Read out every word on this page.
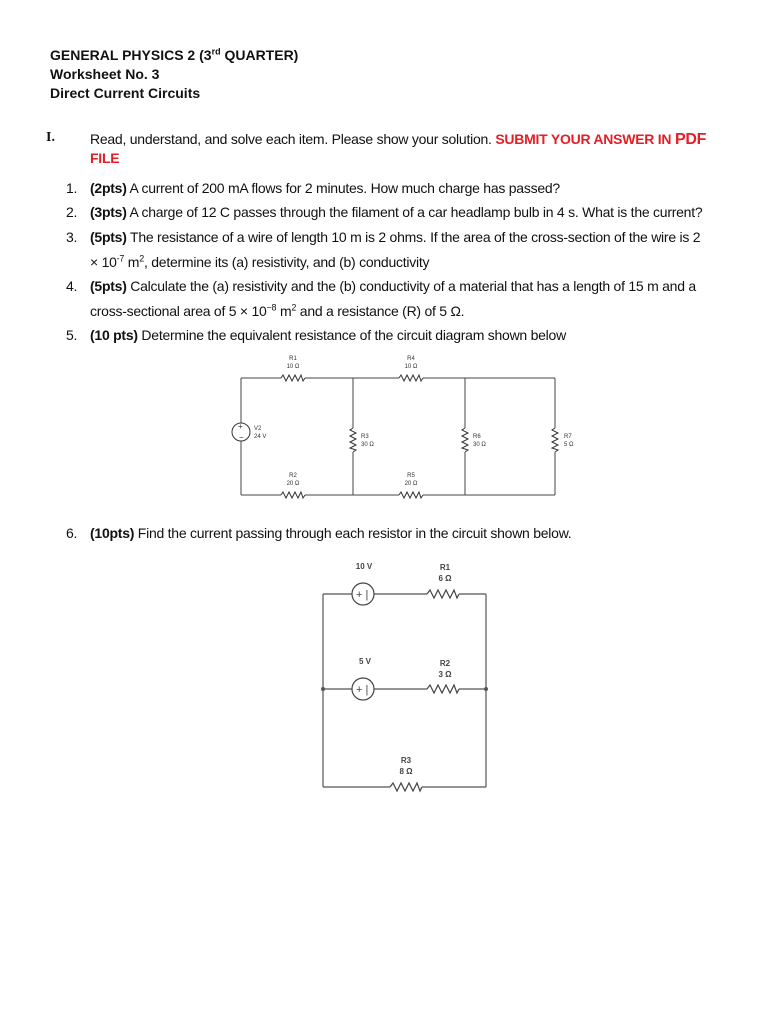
GENERAL PHYSICS 2 (3rd QUARTER)
Worksheet No. 3
Direct Current Circuits
I.	Read, understand, and solve each item. Please show your solution. SUBMIT YOUR ANSWER IN PDF
FILE
1. (2pts) A current of 200 mA flows for 2 minutes. How much charge has passed?
2. (3pts) A charge of 12 C passes through the filament of a car headlamp bulb in 4 s. What is the current?
3. (5pts) The resistance of a wire of length 10 m is 2 ohms. If the area of the cross-section of the wire is 2
× $10^{-7}$ $m^2$, determine its (a) resistivity, and (b) conductivity
4. (5pts) Calculate the (a) resistivity and the (b) conductivity of a material that has a length of 15 m and a
cross-sectional area of $5 \times 10^{-8}$ $m^2$ and a resistance (R) of 5 Ω.
5. (10 pts) Determine the equivalent resistance of the circuit diagram shown below
+
−
R1
10 Ω
R4
10 Ω
V2
24 V	R3
30 Ω
R6
30 Ω
R7
5 Ω
R2
20 Ω
R5
20 Ω
6. (10pts) Find the current passing through each resistor in the circuit shown below.
+ |
+ |
10 V	R1
6 Ω
5 V	R2
3 Ω
R3
8 Ω
